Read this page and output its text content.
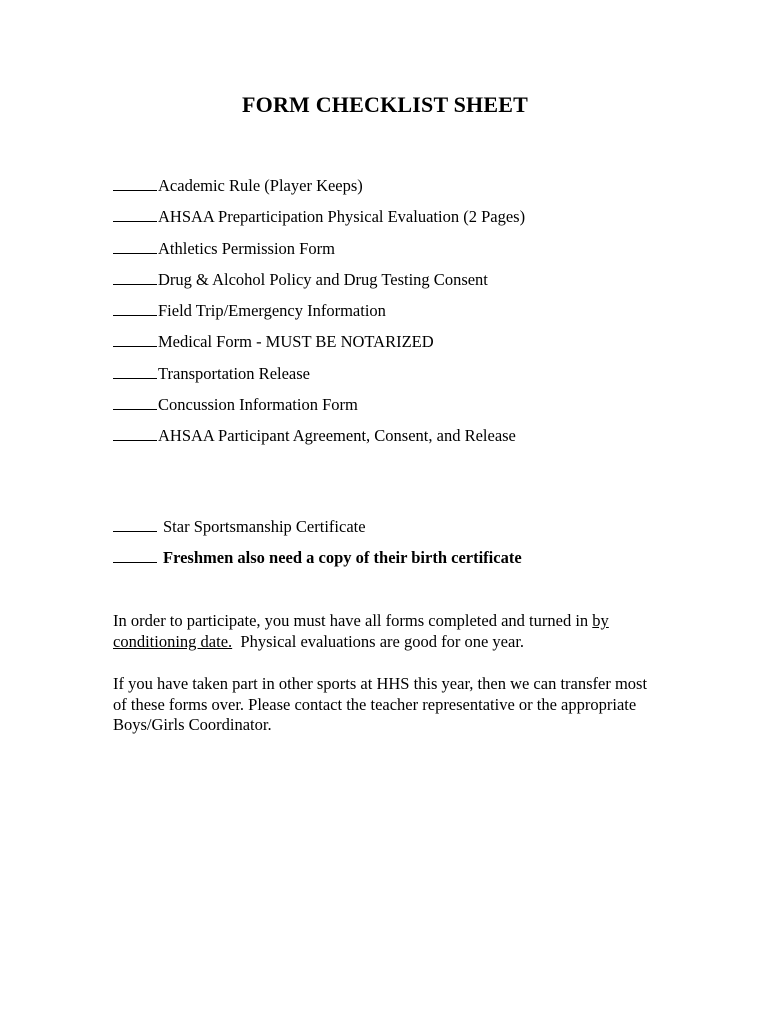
FORM CHECKLIST SHEET
Academic Rule (Player Keeps)
AHSAA Preparticipation Physical Evaluation (2 Pages)
Athletics Permission Form
Drug & Alcohol Policy and Drug Testing Consent
Field Trip/Emergency Information
Medical Form - MUST BE NOTARIZED
Transportation Release
Concussion Information Form
AHSAA Participant Agreement, Consent, and Release
Star Sportsmanship Certificate
Freshmen also need a copy of their birth certificate
In order to participate, you must have all forms completed and turned in by conditioning date.  Physical evaluations are good for one year.
If you have taken part in other sports at HHS this year, then we can transfer most of these forms over. Please contact the teacher representative or the appropriate Boys/Girls Coordinator.
